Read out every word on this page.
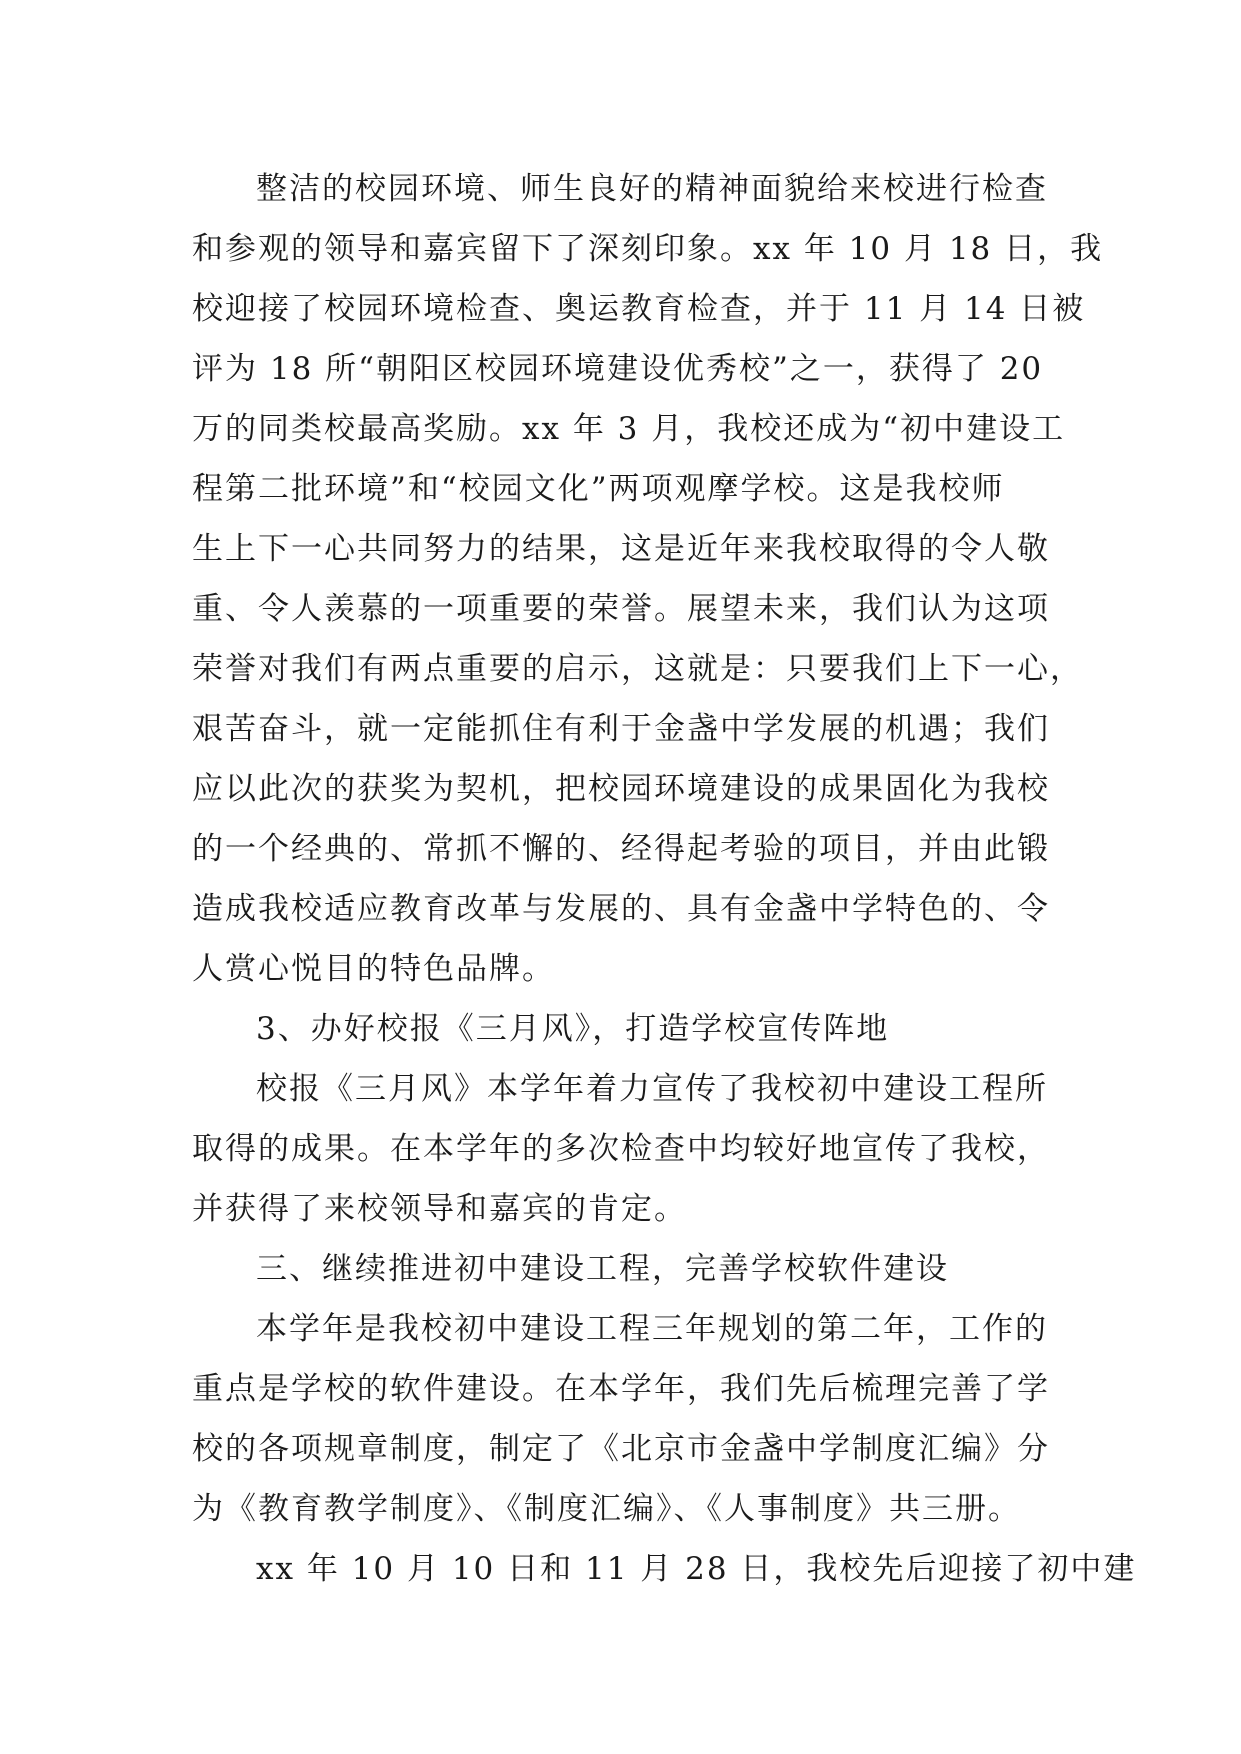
整洁的校园环境、师生良好的精神面貌给来校进行检查
和参观的领导和嘉宾留下了深刻印象。xx 年 10 月 18 日，我
校迎接了校园环境检查、奥运教育检查，并于 11 月 14 日被
评为 18 所“朝阳区校园环境建设优秀校”之一，获得了 20
万的同类校最高奖励。xx 年 3 月，我校还成为“初中建设工
程第二批环境”和“校园文化”两项观摩学校。这是我校师
生上下一心共同努力的结果，这是近年来我校取得的令人敬
重、令人羡慕的一项重要的荣誉。展望未来，我们认为这项
荣誉对我们有两点重要的启示，这就是：只要我们上下一心，
艰苦奋斗，就一定能抓住有利于金盏中学发展的机遇；我们
应以此次的获奖为契机，把校园环境建设的成果固化为我校
的一个经典的、常抓不懈的、经得起考验的项目，并由此锻
造成我校适应教育改革与发展的、具有金盏中学特色的、令
人赏心悦目的特色品牌。
3、办好校报《三月风》，打造学校宣传阵地
校报《三月风》本学年着力宣传了我校初中建设工程所
取得的成果。在本学年的多次检查中均较好地宣传了我校，
并获得了来校领导和嘉宾的肯定。
三、继续推进初中建设工程，完善学校软件建设
本学年是我校初中建设工程三年规划的第二年，工作的
重点是学校的软件建设。在本学年，我们先后梳理完善了学
校的各项规章制度，制定了《北京市金盏中学制度汇编》分
为《教育教学制度》、《制度汇编》、《人事制度》共三册。
xx 年 10 月 10 日和 11 月 28 日，我校先后迎接了初中建
